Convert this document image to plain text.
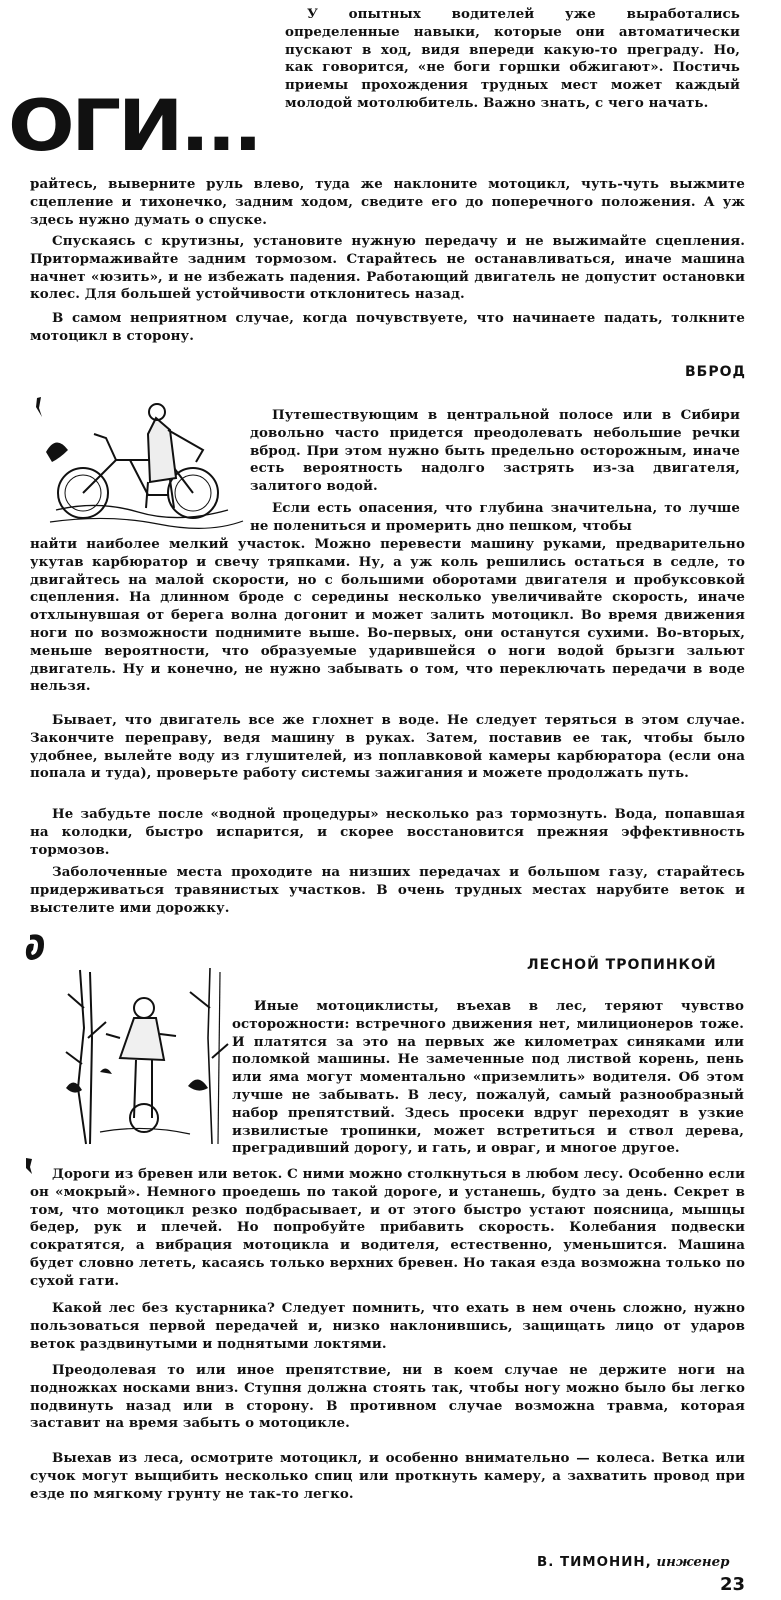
ОГИ...

У опытных водителей уже выработались определенные навыки, которые они автоматически пускают в ход, видя впереди какую-то преграду. Но, как говорится, «не боги горшки обжигают». Постичь приемы прохождения трудных мест может каждый молодой мотолюбитель. Важно знать, с чего начать.

райтесь, выверните руль влево, туда же наклоните мотоцикл, чуть-чуть выжмите сцепление и тихонечко, задним ходом, сведите его до поперечного положения. А уж здесь нужно думать о спуске.

Спускаясь с крутизны, установите нужную передачу и не выжимайте сцепления. Притормаживайте задним тормозом. Старайтесь не останавливаться, иначе машина начнет «юзить», и не избежать падения. Работающий двигатель не допустит остановки колес. Для большей устойчивости отклонитесь назад.

В самом неприятном случае, когда почувствуете, что начинаете падать, толкните мотоцикл в сторону.

ВБРОД

Путешествующим в центральной полосе или в Сибири довольно часто придется преодолевать небольшие речки вброд. При этом нужно быть предельно осторожным, иначе есть вероятность надолго застрять из-за двигателя, залитого водой.

Если есть опасения, что глубина значительна, то лучше не полениться и промерить дно пешком, чтобы

найти наиболее мелкий участок. Можно перевести машину руками, предварительно укутав карбюратор и свечу тряпками. Ну, а уж коль решились остаться в седле, то двигайтесь на малой скорости, но с большими оборотами двигателя и пробуксовкой сцепления. На длинном броде с середины несколько увеличивайте скорость, иначе отхлынувшая от берега волна догонит и может залить мотоцикл. Во время движения ноги по возможности поднимите выше. Во-первых, они останутся сухими. Во-вторых, меньше вероятности, что образуемые ударившейся о ноги водой брызги зальют двигатель. Ну и конечно, не нужно забывать о том, что переключать передачи в воде нельзя.

Бывает, что двигатель все же глохнет в воде. Не следует теряться в этом случае. Закончите переправу, ведя машину в руках. Затем, поставив ее так, чтобы было удобнее, вылейте воду из глушителей, из поплавковой камеры карбюратора (если она попала и туда), проверьте работу системы зажигания и можете продолжать путь.

Не забудьте после «водной процедуры» несколько раз тормознуть. Вода, попавшая на колодки, быстро испарится, и скорее восстановится прежняя эффективность тормозов.

Заболоченные места проходите на низших передачах и большом газу, старайтесь придерживаться травянистых участков. В очень трудных местах нарубите веток и выстелите ими дорожку.

ЛЕСНОЙ ТРОПИНКОЙ

Иные мотоциклисты, въехав в лес, теряют чувство осторожности: встречного движения нет, милиционеров тоже. И платятся за это на первых же километрах синяками или поломкой машины. Не замеченные под листвой корень, пень или яма могут моментально «приземлить» водителя. Об этом лучше не забывать. В лесу, пожалуй, самый разнообразный набор препятствий. Здесь просеки вдруг переходят в узкие извилистые тропинки, может встретиться и ствол дерева, преградивший дорогу, и гать, и овраг, и многое другое.

Дороги из бревен или веток. С ними можно столкнуться в любом лесу. Особенно если он «мокрый». Немного проедешь по такой дороге, и устанешь, будто за день. Секрет в том, что мотоцикл резко подбрасывает, и от этого быстро устают поясница, мышцы бедер, рук и плечей. Но попробуйте прибавить скорость. Колебания подвески сократятся, а вибрация мотоцикла и водителя, естественно, уменьшится. Машина будет словно лететь, касаясь только верхних бревен. Но такая езда возможна только по сухой гати.

Какой лес без кустарника? Следует помнить, что ехать в нем очень сложно, нужно пользоваться первой передачей и, низко наклонившись, защищать лицо от ударов веток раздвинутыми и поднятыми локтями.

Преодолевая то или иное препятствие, ни в коем случае не держите ноги на подножках носками вниз. Ступня должна стоять так, чтобы ногу можно было бы легко подвинуть назад или в сторону. В противном случае возможна травма, которая заставит на время забыть о мотоцикле.

Выехав из леса, осмотрите мотоцикл, и особенно внимательно — колеса. Ветка или сучок могут выщибить несколько спиц или проткнуть камеру, а захватить провод при езде по мягкому грунту не так-то легко.

В. ТИМОНИН, инженер
23
